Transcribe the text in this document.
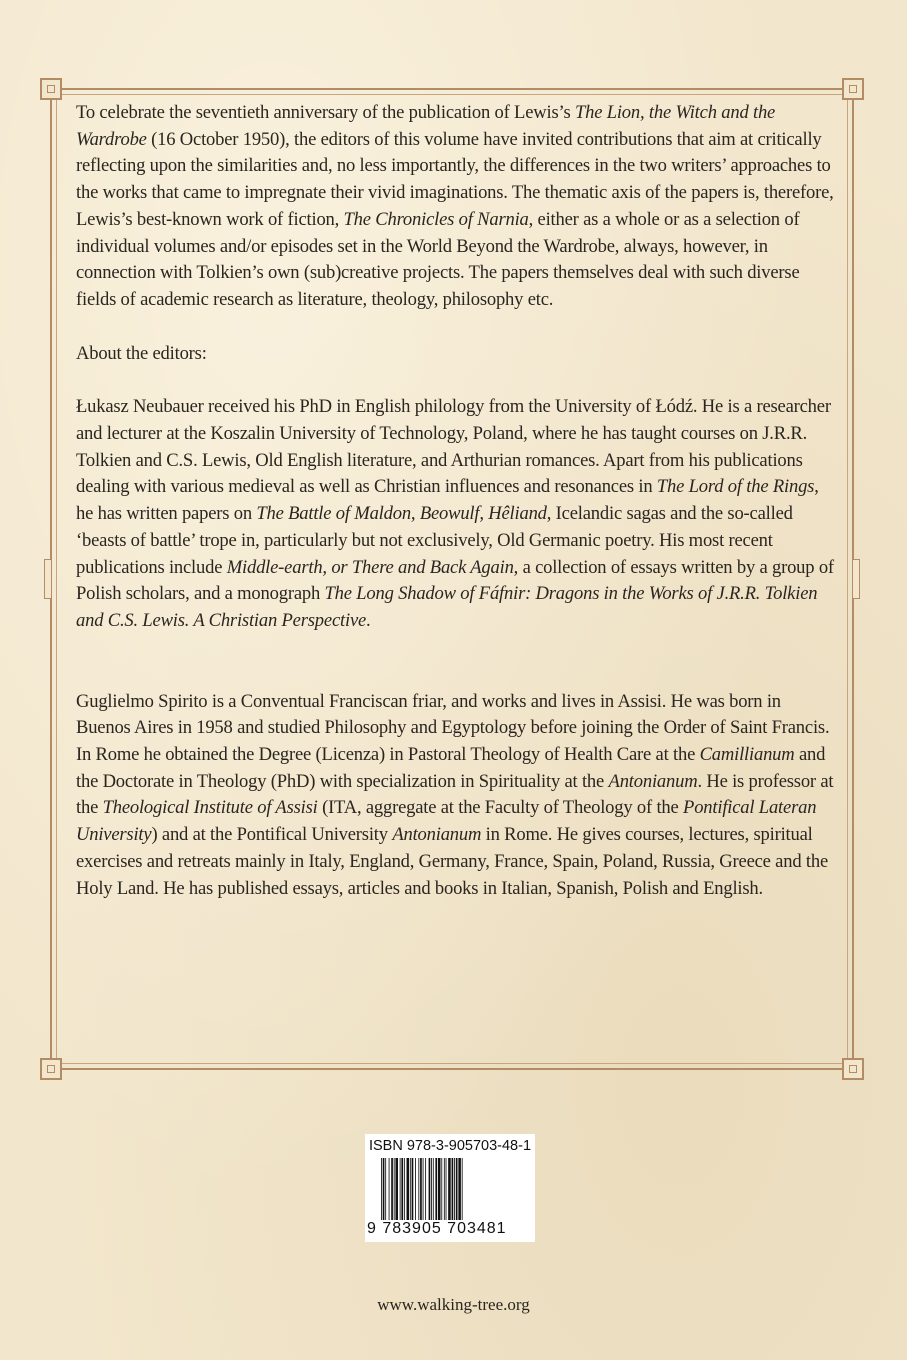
To celebrate the seventieth anniversary of the publication of Lewis’s The Lion, the Witch and the Wardrobe (16 October 1950), the editors of this volume have invited contributions that aim at critically reflecting upon the similarities and, no less importantly, the differences in the two writers’ approaches to the works that came to impregnate their vivid imaginations. The thematic axis of the papers is, therefore, Lewis’s best-known work of fiction, The Chronicles of Narnia, either as a whole or as a selection of individual volumes and/or episodes set in the World Beyond the Wardrobe, always, however, in connection with Tolkien’s own (sub)creative projects. The papers themselves deal with such diverse fields of academic research as literature, theology, philosophy etc.

About the editors:

Łukasz Neubauer received his PhD in English philology from the University of Łódź. He is a researcher and lecturer at the Koszalin University of Technology, Poland, where he has taught courses on J.R.R. Tolkien and C.S. Lewis, Old English literature, and Arthurian romances. Apart from his publications dealing with various medieval as well as Christian influences and resonances in The Lord of the Rings, he has written papers on The Battle of Maldon, Beowulf, Hêliand, Icelandic sagas and the so-called ‘beasts of battle’ trope in, particularly but not exclusively, Old Germanic poetry. His most recent publications include Middle-earth, or There and Back Again, a collection of essays written by a group of Polish scholars, and a monograph The Long Shadow of Fáfnir: Dragons in the Works of J.R.R. Tolkien and C.S. Lewis. A Christian Perspective.

Guglielmo Spirito is a Conventual Franciscan friar, and works and lives in Assisi. He was born in Buenos Aires in 1958 and studied Philosophy and Egyptology before joining the Order of Saint Francis. In Rome he obtained the Degree (Licenza) in Pastoral Theology of Health Care at the Camillianum and the Doctorate in Theology (PhD) with specialization in Spirituality at the Antonianum. He is professor at the Theological Institute of Assisi (ITA, aggregate at the Faculty of Theology of the Pontifical Lateran University) and at the Pontifical University Antonianum in Rome. He gives courses, lectures, spiritual exercises and retreats mainly in Italy, England, Germany, France, Spain, Poland, Russia, Greece and the Holy Land. He has published essays, articles and books in Italian, Spanish, Polish and English.

ISBN 978-3-905703-48-1
9 783905 703481
www.walking-tree.org
